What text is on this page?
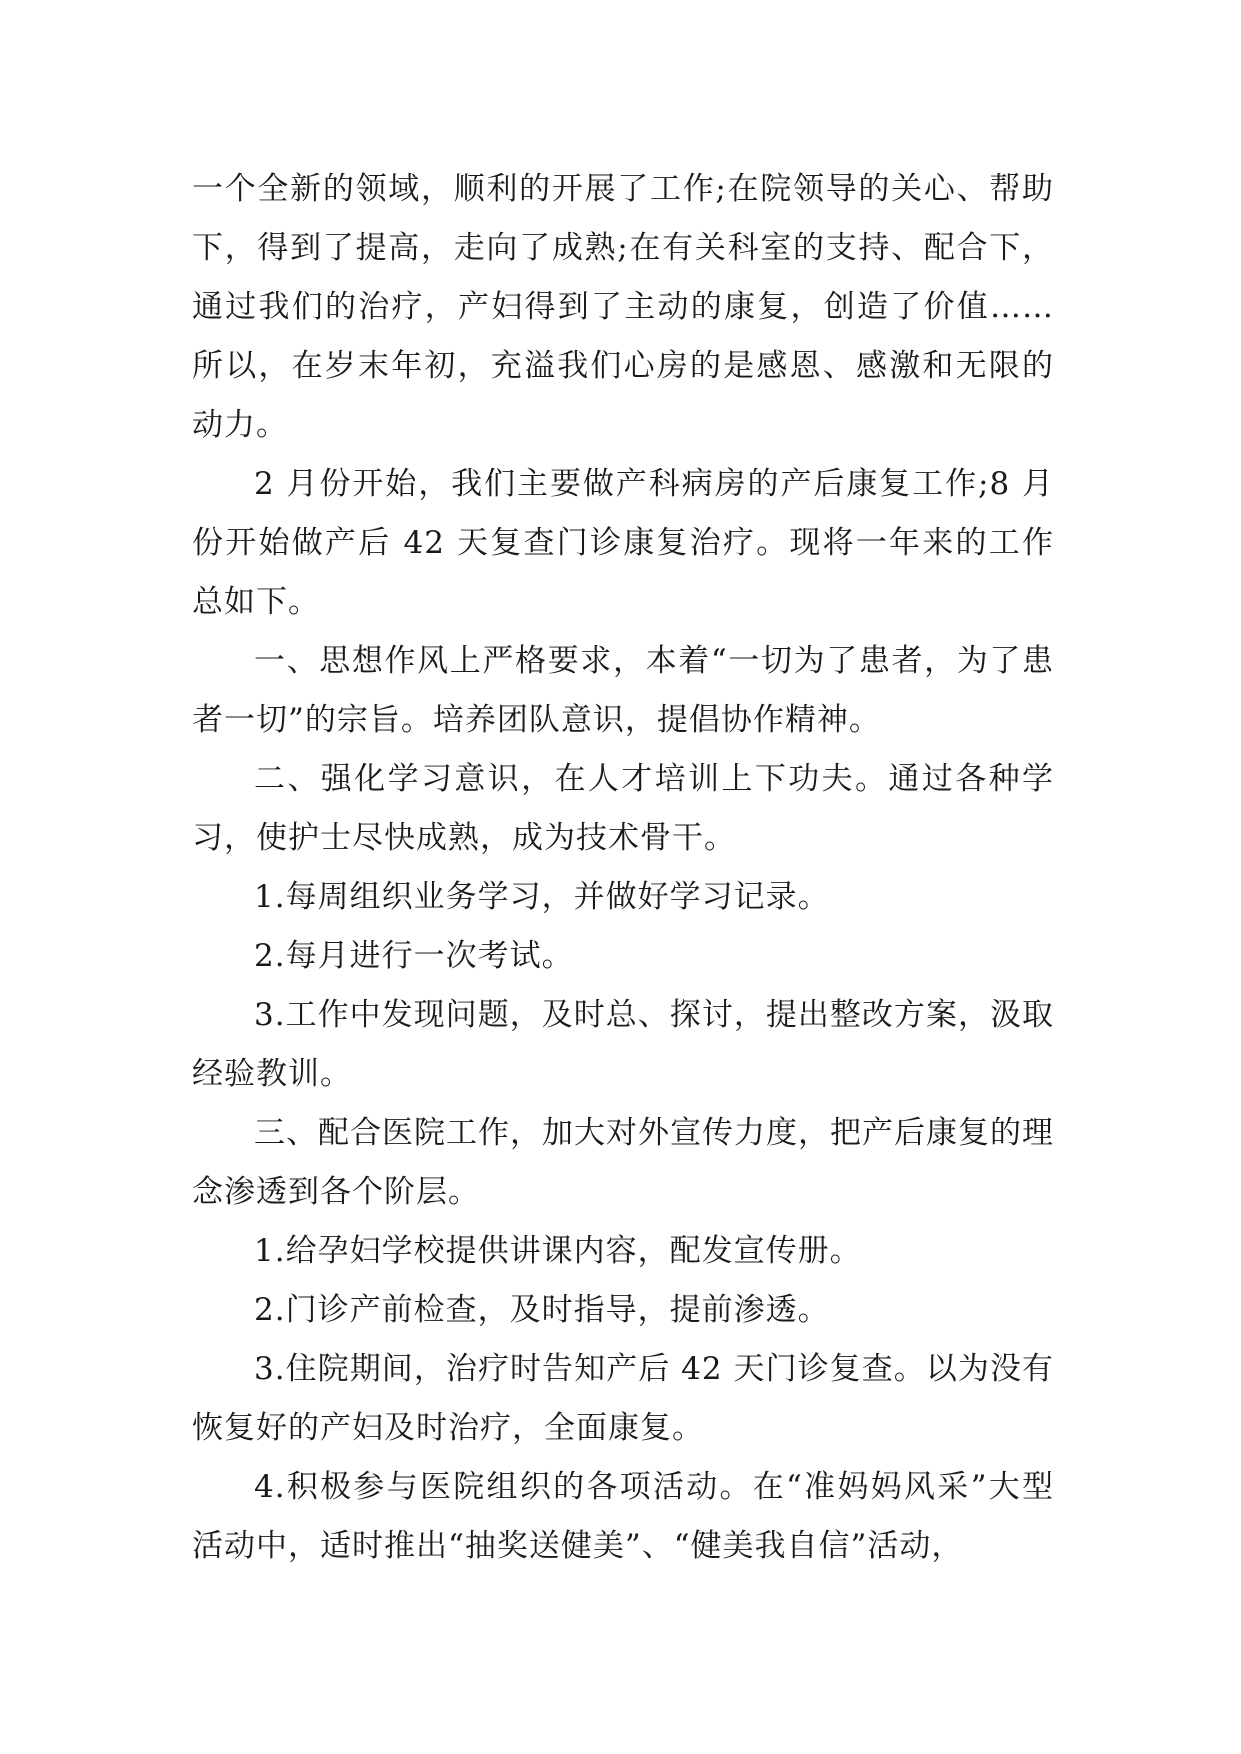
一个全新的领域，顺利的开展了工作;在院领导的关心、帮助下，得到了提高，走向了成熟;在有关科室的支持、配合下，通过我们的治疗，产妇得到了主动的康复，创造了价值……所以，在岁末年初，充溢我们心房的是感恩、感激和无限的动力。

2 月份开始，我们主要做产科病房的产后康复工作;8 月份开始做产后 42 天复查门诊康复治疗。现将一年来的工作总如下。

一、思想作风上严格要求，本着“一切为了患者，为了患者一切”的宗旨。培养团队意识，提倡协作精神。

二、强化学习意识，在人才培训上下功夫。通过各种学习，使护士尽快成熟，成为技术骨干。

1.每周组织业务学习，并做好学习记录。

2.每月进行一次考试。

3.工作中发现问题，及时总、探讨，提出整改方案，汲取经验教训。

三、配合医院工作，加大对外宣传力度，把产后康复的理念渗透到各个阶层。

1.给孕妇学校提供讲课内容，配发宣传册。

2.门诊产前检查，及时指导，提前渗透。

3.住院期间，治疗时告知产后 42 天门诊复查。以为没有恢复好的产妇及时治疗，全面康复。

4.积极参与医院组织的各项活动。在“准妈妈风采”大型活动中，适时推出“抽奖送健美”、“健美我自信”活动，
